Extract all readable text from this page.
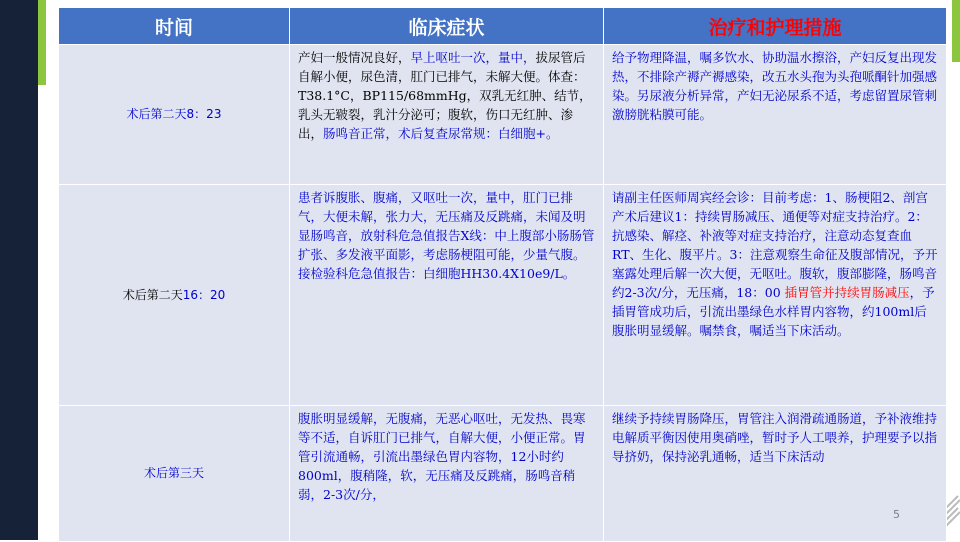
时间	临床症状	治疗和护理措施
术后第二天8：23	产妇一般情况良好，早上呕吐一次，量中，拔尿管后自解小便，尿色清，肛门已排气，未解大便。体查：T38.1°C，BP115/68mmHg，双乳无红肿、结节，乳头无皲裂，乳汁分泌可；腹软，伤口无红肿、渗出，肠鸣音正常，术后复查尿常规：白细胞+。	给予物理降温，嘱多饮水、协助温水擦浴，产妇反复出现发热，不排除产褥产褥感染，改五水头孢为头孢哌酮针加强感染。另尿液分析异常，产妇无泌尿系不适，考虑留置尿管刺激膀胱粘膜可能。
术后第二天16：20	患者诉腹胀、腹痛，又呕吐一次，量中，肛门已排气，大便未解，张力大，无压痛及反跳痛，未闻及明显肠鸣音，放射科危急值报告X线：中上腹部小肠肠管扩张、多发液平面影，考虑肠梗阻可能，少量气腹。接检验科危急值报告：白细胞HH30.4X10e9/L。	请副主任医师周宾经会诊：目前考虑：1、肠梗阻2、剖宫产术后建议1：持续胃肠减压、通便等对症支持治疗。2：抗感染、解痉、补液等对症支持治疗，注意动态复查血RT、生化、腹平片。3：注意观察生命征及腹部情况，予开塞露处理后解一次大便，无呕吐。腹软，腹部膨隆，肠鸣音约2-3次/分，无压痛，18：00 插胃管并持续胃肠减压，予插胃管成功后，引流出墨绿色水样胃内容物，约100ml后腹胀明显缓解。嘱禁食，嘱适当下床活动。
术后第三天	腹胀明显缓解，无腹痛，无恶心呕吐，无发热、畏寒等不适，自诉肛门已排气，自解大便，小便正常。胃管引流通畅，引流出墨绿色胃内容物，12小时约800ml，腹稍隆，软，无压痛及反跳痛，肠鸣音稍弱，2-3次/分，	继续予持续胃肠降压，胃管注入润滑疏通肠道，予补液维持电解质平衡因使用奥硝唑，暂时予人工喂养，护理要予以指导挤奶，保持泌乳通畅，适当下床活动
5
